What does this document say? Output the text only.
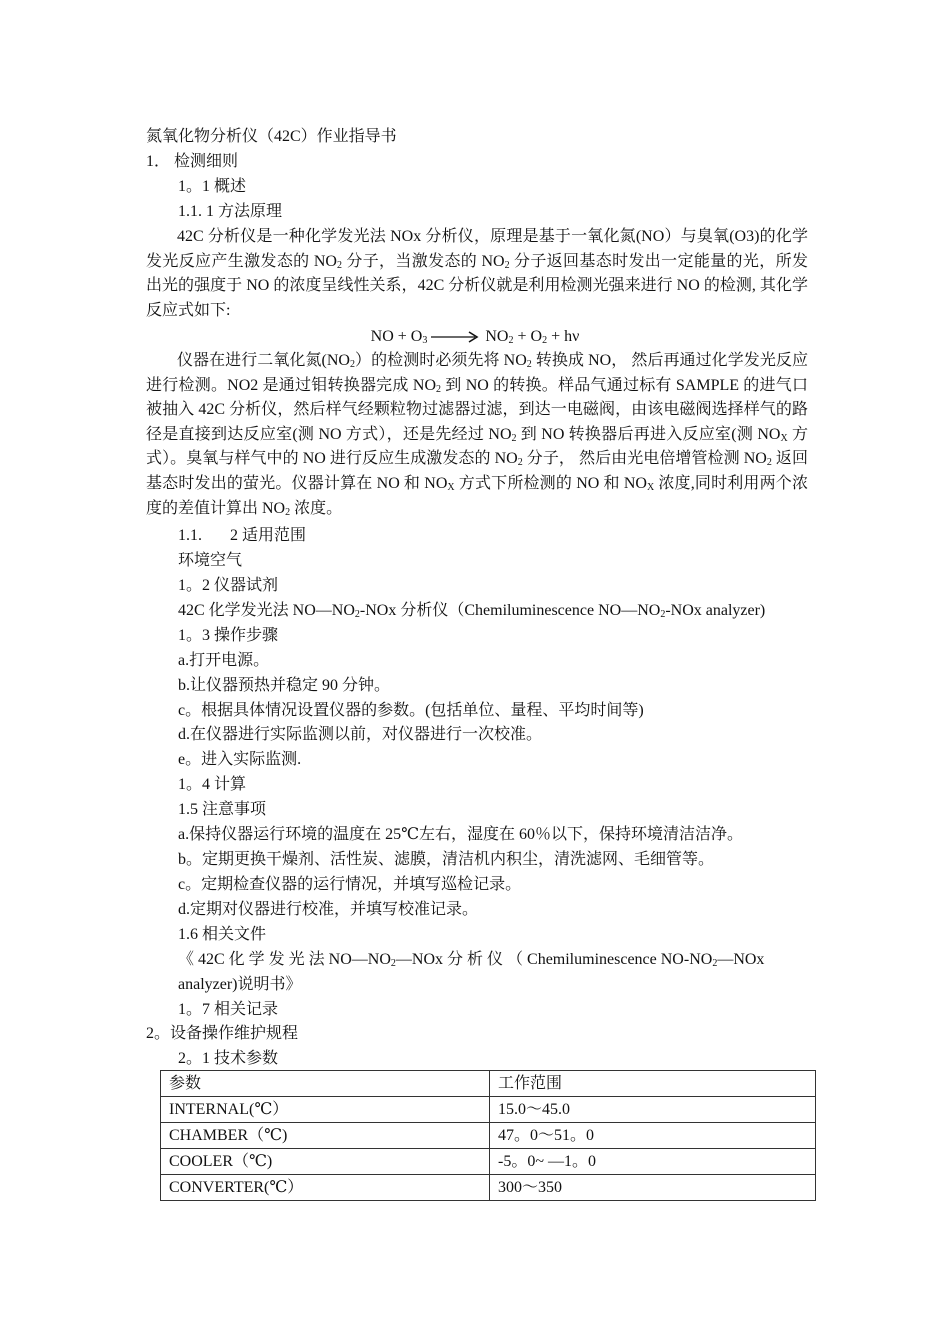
氮氧化物分析仪（42C）作业指导书
1． 检测细则
1。1 概述
1.1. 1 方法原理
42C 分析仪是一种化学发光法 NOx 分析仪，原理是基于一氧化氮(NO）与臭氧(O3)的化学发光反应产生激发态的 $NO_2$ 分子，当激发态的 $NO_2$ 分子返回基态时发出一定能量的光，所发出光的强度于 NO 的浓度呈线性关系，42C 分析仪就是利用检测光强来进行 NO 的检测, 其化学反应式如下:
NO + $O_3 \to NO_2 + O_2 + h\nu$
仪器在进行二氧化氮$(NO_2)$的检测时必须先将 $NO_2$ 转换成 NO， 然后再通过化学发光反应进行检测。NO2 是通过钼转换器完成 $NO_2$ 到 NO 的转换。样品气通过标有 SAMPLE 的进气口被抽入 42C 分析仪，然后样气经颗粒物过滤器过滤，到达一电磁阀，由该电磁阀选择样气的路径是直接到达反应室(测 NO 方式），还是先经过 $NO_2$ 到 NO 转换器后再进入反应室(测 $NO_X$ 方式）。臭氧与样气中的 NO 进行反应生成激发态的 $NO_2$ 分子， 然后由光电倍增管检测 $NO_2$ 返回基态时发出的萤光。仪器计算在 NO 和 $NO_X$ 方式下所检测的 NO 和 $NO_X$ 浓度,同时利用两个浓度的差值计算出 $NO_2$ 浓度。
1.1.       2 适用范围
环境空气
1。2 仪器试剂
42C 化学发光法 $NO—NO_2$-NOx 分析仪（Chemiluminescence $NO—NO_2$-NOx analyzer)
1。3 操作步骤
a.打开电源。
b.让仪器预热并稳定 90 分钟。
c。根据具体情况设置仪器的参数。(包括单位、量程、平均时间等)
d.在仪器进行实际监测以前，对仪器进行一次校准。
e。进入实际监测.
1。4 计算
1.5 注意事项
a.保持仪器运行环境的温度在 25℃左右，湿度在 60％以下，保持环境清洁洁净。
b。定期更换干燥剂、活性炭、滤膜，清洁机内积尘，清洗滤网、毛细管等。
c。定期检查仪器的运行情况，并填写巡检记录。
d.定期对仪器进行校准，并填写校准记录。
1.6 相关文件
《 42C 化 学 发 光 法 $NO—NO_2—NOx$ 分 析 仪 （ Chemiluminescence $NO-NO_2—NOx$
analyzer)说明书》
1。7 相关记录
2。设备操作维护规程
2。1 技术参数
参数	工作范围
INTERNAL(℃）	15.0～45.0
CHAMBER（℃)	47。0～51。0
COOLER（℃)	-5。0~ —1。0
CONVERTER(℃）	300～350
